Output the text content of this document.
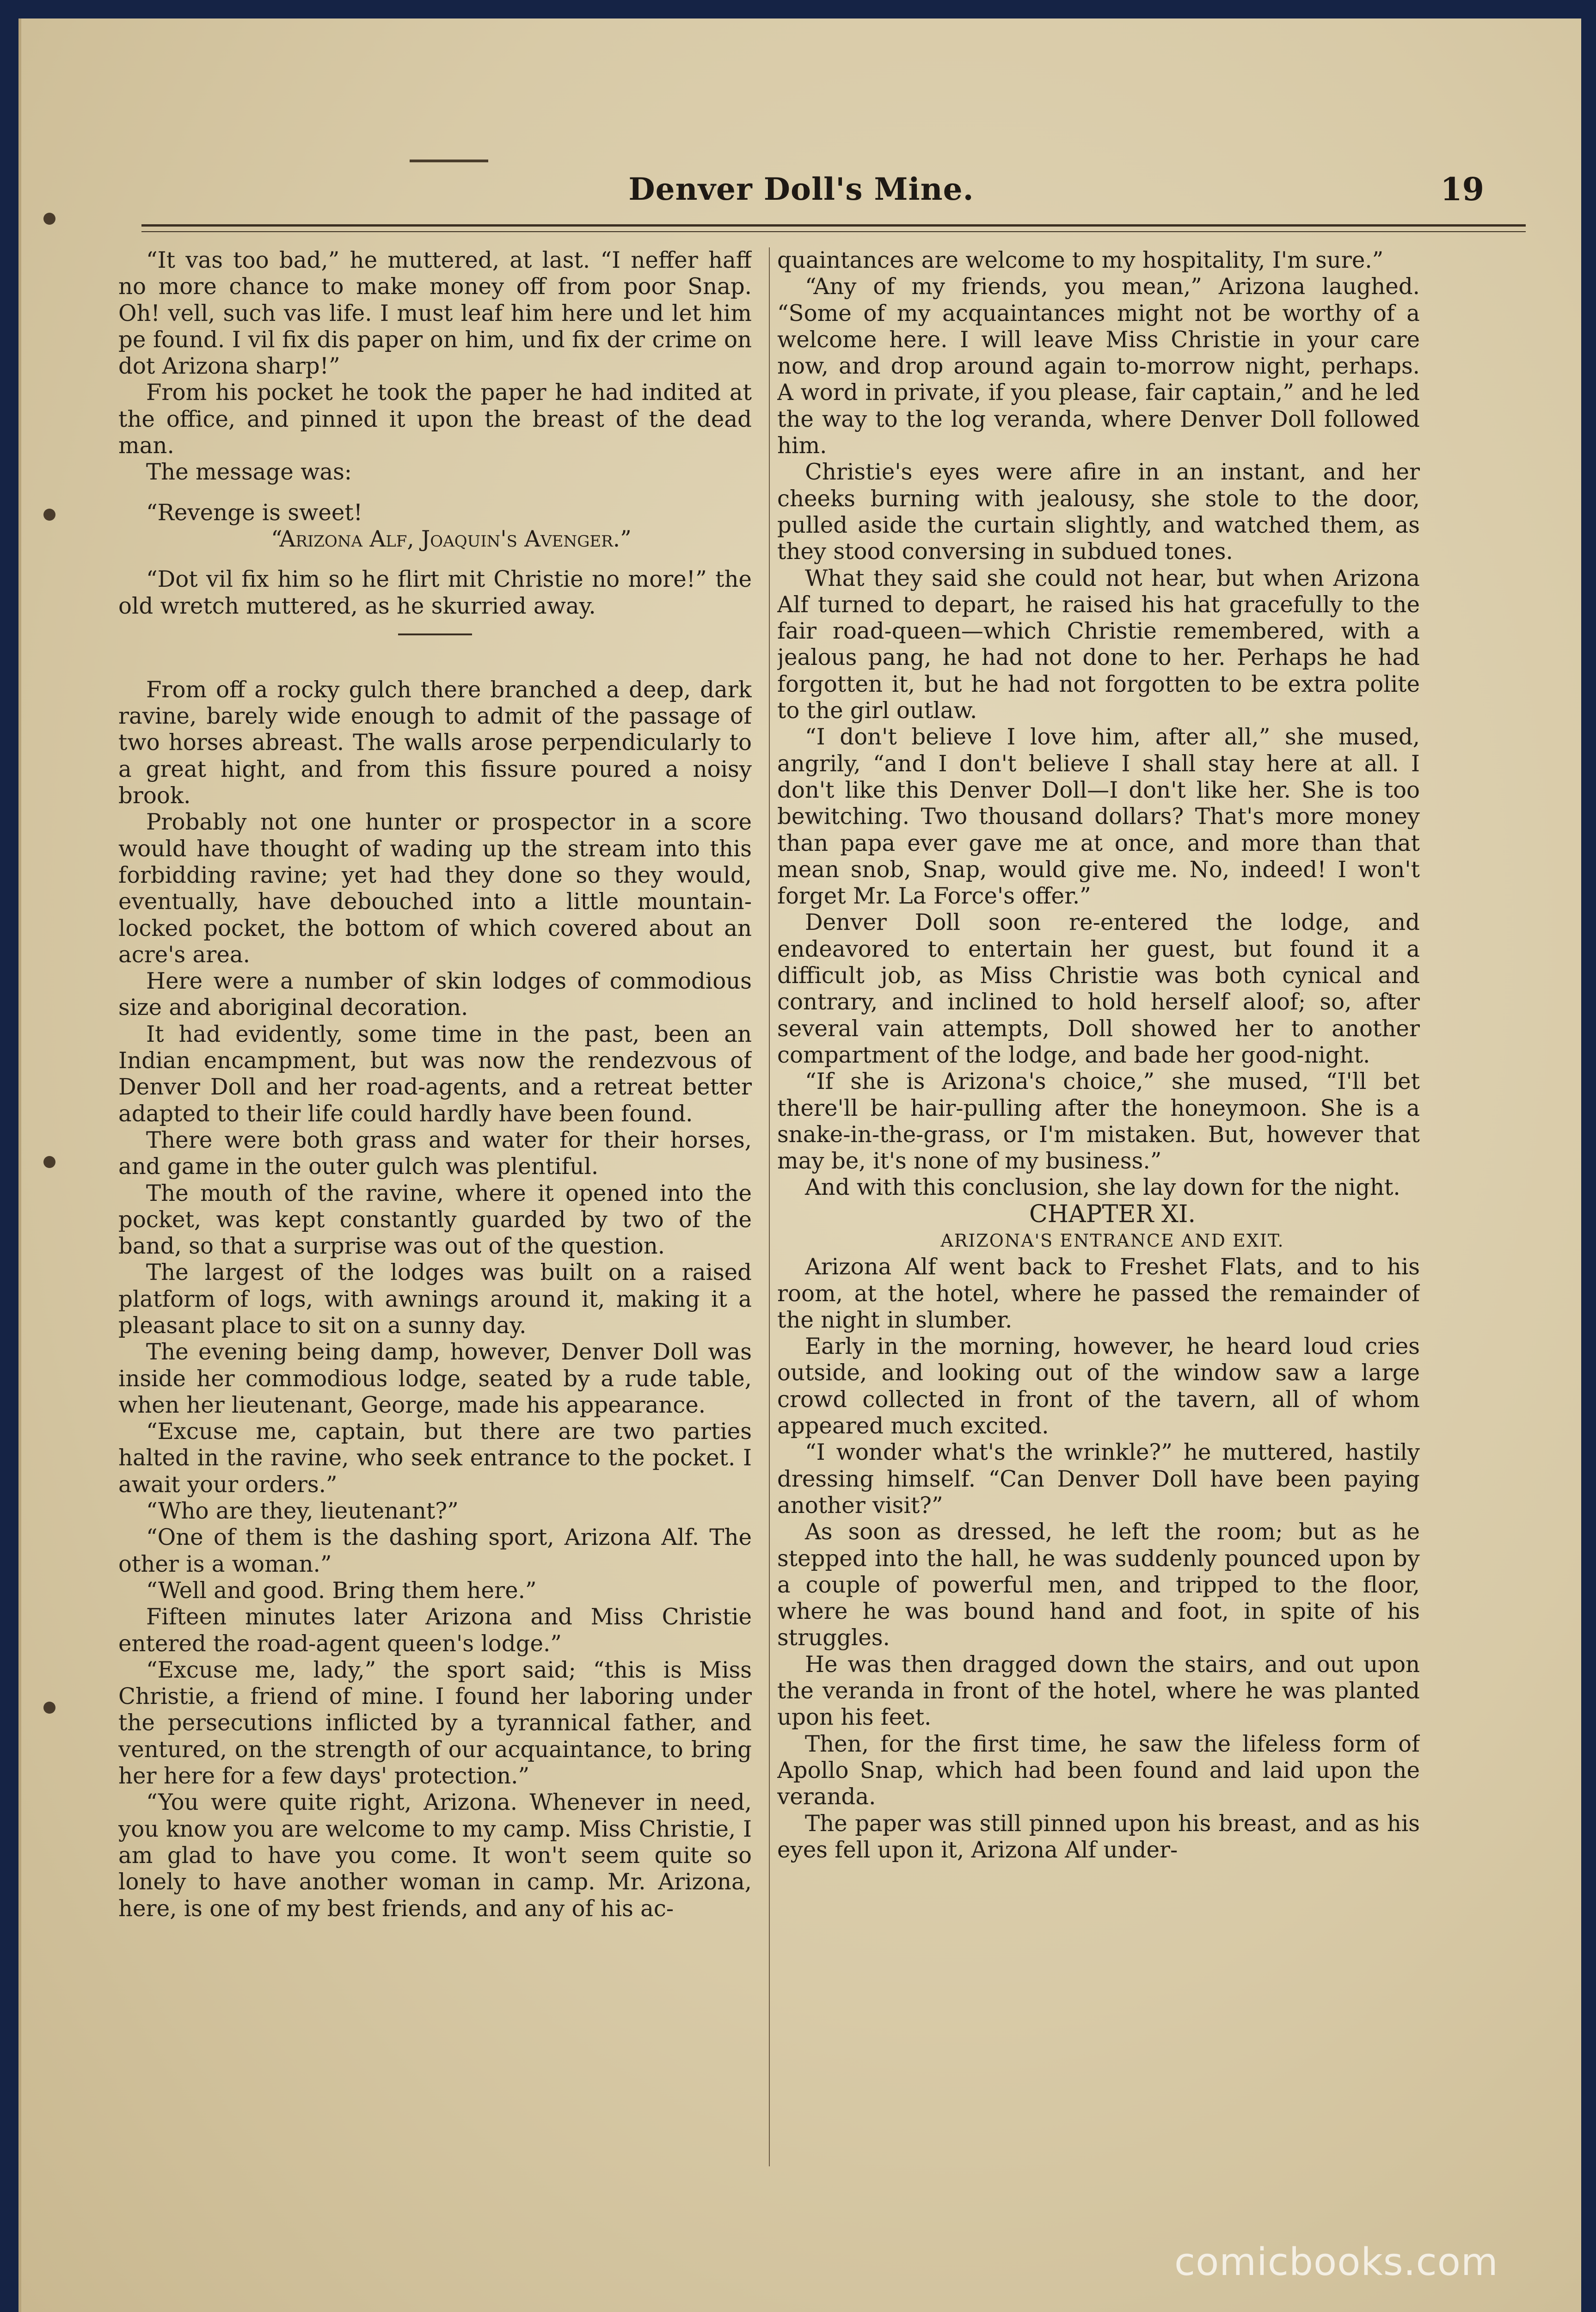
Denver Doll's Mine.	19

“It vas too bad,” he muttered, at last. “I neffer haff no more chance to make money off from poor Snap. Oh! vell, such vas life. I must leaf him here und let him pe found. I vil fix dis paper on him, und fix der crime on dot Arizona sharp!”

From his pocket he took the paper he had indited at the office, and pinned it upon the breast of the dead man.

The message was:

“Revenge is sweet!

“Arizona Alf, Joaquin's Avenger.”

“Dot vil fix him so he flirt mit Christie no more!” the old wretch muttered, as he skurried away.

From off a rocky gulch there branched a deep, dark ravine, barely wide enough to admit of the passage of two horses abreast. The walls arose perpendicularly to a great hight, and from this fissure poured a noisy brook.

Probably not one hunter or prospector in a score would have thought of wading up the stream into this forbidding ravine; yet had they done so they would, eventually, have debouched into a little mountain-locked pocket, the bottom of which covered about an acre's area.

Here were a number of skin lodges of commodious size and aboriginal decoration.

It had evidently, some time in the past, been an Indian encampment, but was now the rendezvous of Denver Doll and her road-agents, and a retreat better adapted to their life could hardly have been found.

There were both grass and water for their horses, and game in the outer gulch was plentiful.

The mouth of the ravine, where it opened into the pocket, was kept constantly guarded by two of the band, so that a surprise was out of the question.

The largest of the lodges was built on a raised platform of logs, with awnings around it, making it a pleasant place to sit on a sunny day.

The evening being damp, however, Denver Doll was inside her commodious lodge, seated by a rude table, when her lieutenant, George, made his appearance.

“Excuse me, captain, but there are two parties halted in the ravine, who seek entrance to the pocket. I await your orders.”

“Who are they, lieutenant?”

“One of them is the dashing sport, Arizona Alf. The other is a woman.”

“Well and good. Bring them here.”

Fifteen minutes later Arizona and Miss Christie entered the road-agent queen's lodge.”

“Excuse me, lady,” the sport said; “this is Miss Christie, a friend of mine. I found her laboring under the persecutions inflicted by a tyrannical father, and ventured, on the strength of our acquaintance, to bring her here for a few days' protection.”

“You were quite right, Arizona. Whenever in need, you know you are welcome to my camp. Miss Christie, I am glad to have you come. It won't seem quite so lonely to have another woman in camp. Mr. Arizona, here, is one of my best friends, and any of his ac-

quaintances are welcome to my hospitality, I'm sure.”

“Any of my friends, you mean,” Arizona laughed. “Some of my acquaintances might not be worthy of a welcome here. I will leave Miss Christie in your care now, and drop around again to-morrow night, perhaps. A word in private, if you please, fair captain,” and he led the way to the log veranda, where Denver Doll followed him.

Christie's eyes were afire in an instant, and her cheeks burning with jealousy, she stole to the door, pulled aside the curtain slightly, and watched them, as they stood conversing in subdued tones.

What they said she could not hear, but when Arizona Alf turned to depart, he raised his hat gracefully to the fair road-queen—which Christie remembered, with a jealous pang, he had not done to her. Perhaps he had forgotten it, but he had not forgotten to be extra polite to the girl outlaw.

“I don't believe I love him, after all,” she mused, angrily, “and I don't believe I shall stay here at all. I don't like this Denver Doll—I don't like her. She is too bewitching. Two thousand dollars? That's more money than papa ever gave me at once, and more than that mean snob, Snap, would give me. No, indeed! I won't forget Mr. La Force's offer.”

Denver Doll soon re-entered the lodge, and endeavored to entertain her guest, but found it a difficult job, as Miss Christie was both cynical and contrary, and inclined to hold herself aloof; so, after several vain attempts, Doll showed her to another compartment of the lodge, and bade her good-night.

“If she is Arizona's choice,” she mused, “I'll bet there'll be hair-pulling after the honeymoon. She is a snake-in-the-grass, or I'm mistaken. But, however that may be, it's none of my business.”

And with this conclusion, she lay down for the night.

CHAPTER XI.

ARIZONA'S ENTRANCE AND EXIT.

Arizona Alf went back to Freshet Flats, and to his room, at the hotel, where he passed the remainder of the night in slumber.

Early in the morning, however, he heard loud cries outside, and looking out of the window saw a large crowd collected in front of the tavern, all of whom appeared much excited.

“I wonder what's the wrinkle?” he muttered, hastily dressing himself. “Can Denver Doll have been paying another visit?”

As soon as dressed, he left the room; but as he stepped into the hall, he was suddenly pounced upon by a couple of powerful men, and tripped to the floor, where he was bound hand and foot, in spite of his struggles.

He was then dragged down the stairs, and out upon the veranda in front of the hotel, where he was planted upon his feet.

Then, for the first time, he saw the lifeless form of Apollo Snap, which had been found and laid upon the veranda.

The paper was still pinned upon his breast, and as his eyes fell upon it, Arizona Alf under-

comicbooks.com
